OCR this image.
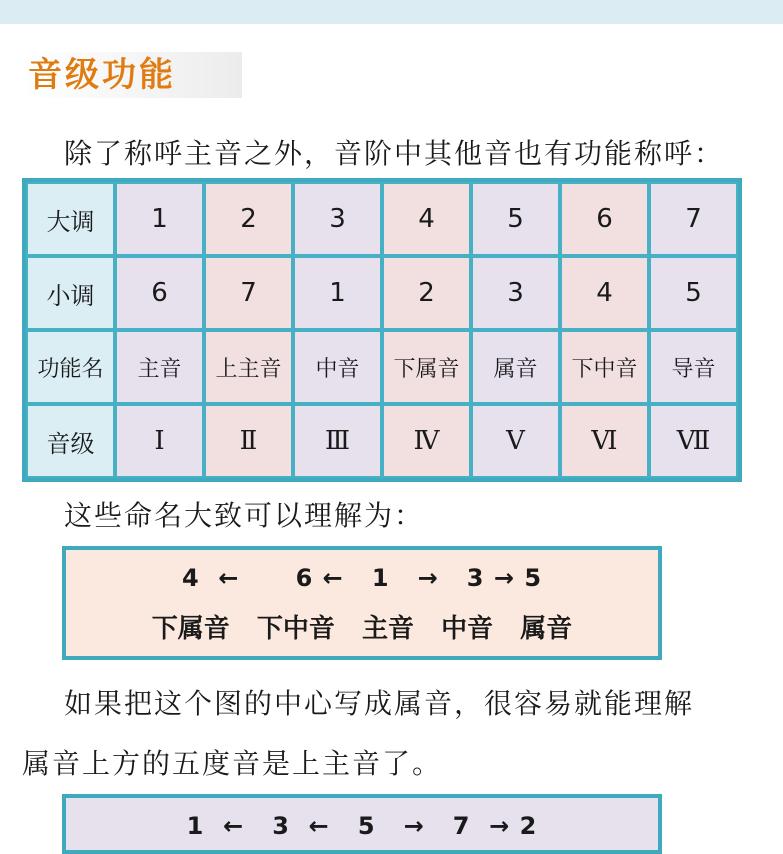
音级功能
除了称呼主音之外，音阶中其他音也有功能称呼：
大调	1	2	3	4	5	6	7
小调	6	7	1	2	3	4	5
功能名	主音	上主音	中音	下属音	属音	下中音	导音
音级	Ⅰ	Ⅱ	Ⅲ	Ⅳ	Ⅴ	Ⅵ	Ⅶ
这些命名大致可以理解为：
4  ←      6 ←   1   →   3 → 5
下属音   下中音   主音   中音   属音
如果把这个图的中心写成属音，很容易就能理解
属音上方的五度音是上主音了。
1  ←   3  ←   5   →   7  → 2
